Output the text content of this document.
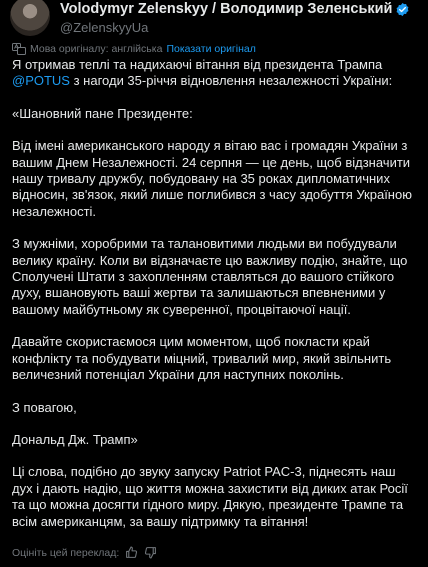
Volodymyr Zelenskyy / Володимир Зеленський
@ZelenskyyUa
Мова оригіналу: англійська Показати оригінал

Я отримав теплі та надихаючі вітання від президента Трампа @POTUS з нагоди 35-річчя відновлення незалежності України:

«Шановний пане Президенте:

Від імені американського народу я вітаю вас і громадян України з вашим Днем Незалежності. 24 серпня — це день, щоб відзначити нашу тривалу дружбу, побудовану на 35 роках дипломатичних відносин, зв'язок, який лише поглибився з часу здобуття Україною незалежності.

З мужніми, хоробрими та талановитими людьми ви побудували велику країну. Коли ви відзначаєте цю важливу подію, знайте, що Сполучені Штати з захопленням ставляться до вашого стійкого духу, вшановують ваші жертви та залишаються впевненими у вашому майбутньому як суверенної, процвітаючої нації.

Давайте скористаємося цим моментом, щоб покласти край конфлікту та побудувати міцний, тривалий мир, який звільнить величезний потенціал України для наступних поколінь.

З повагою,

Дональд Дж. Трамп»

Ці слова, подібно до звуку запуску Patriot PAC-3, піднесять наш дух і дають надію, що життя можна захистити від диких атак Росії та що можна досягти гідного миру. Дякую, президенте Трампе та всім американцям, за вашу підтримку та вітання!

Оцініть цей переклад:
